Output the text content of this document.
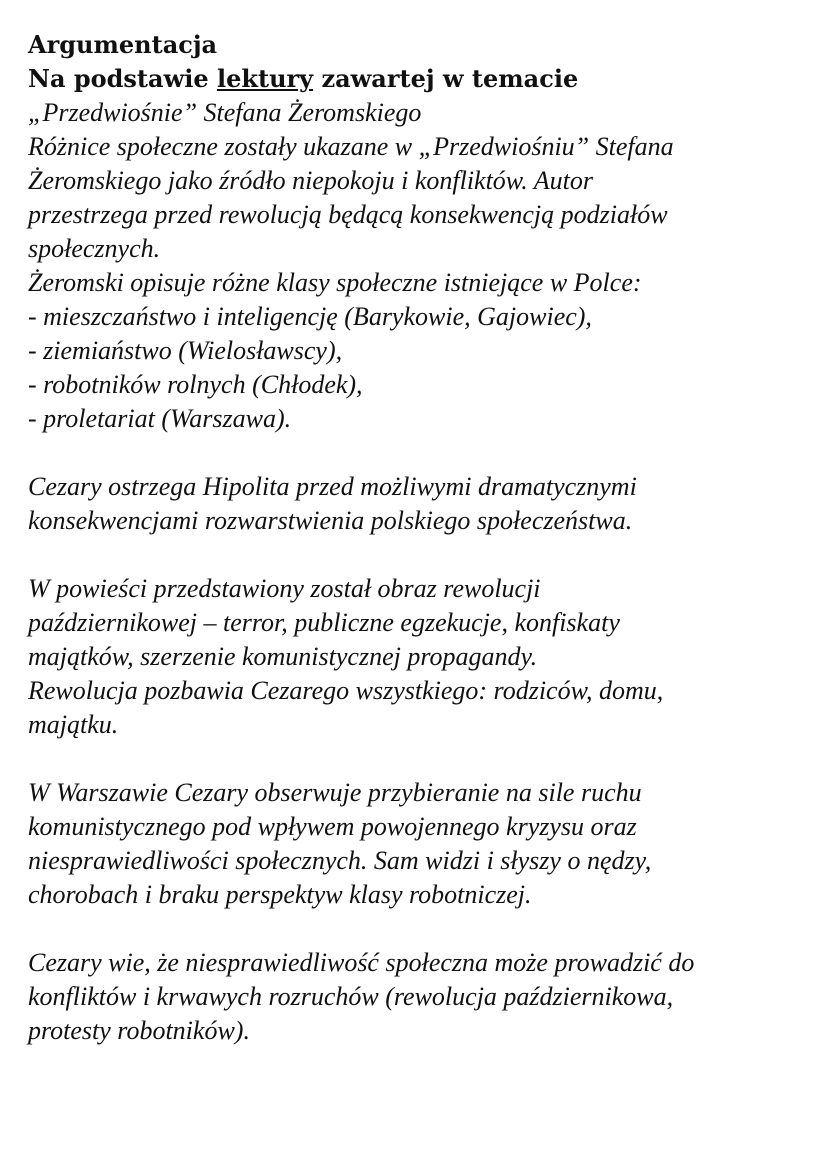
Argumentacja
Na podstawie lektury zawartej w temacie
„Przedwiośnie” Stefana Żeromskiego
Różnice społeczne zostały ukazane w „Przedwiośniu” Stefana
Żeromskiego jako źródło niepokoju i konfliktów. Autor
przestrzega przed rewolucją będącą konsekwencją podziałów
społecznych.
Żeromski opisuje różne klasy społeczne istniejące w Polce:
- mieszczaństwo i inteligencję (Barykowie, Gajowiec),
- ziemiaństwo (Wielosławscy),
- robotników rolnych (Chłodek),
- proletariat (Warszawa).
Cezary ostrzega Hipolita przed możliwymi dramatycznymi
konsekwencjami rozwarstwienia polskiego społeczeństwa.
W powieści przedstawiony został obraz rewolucji
październikowej – terror, publiczne egzekucje, konfiskaty
majątków, szerzenie komunistycznej propagandy.
Rewolucja pozbawia Cezarego wszystkiego: rodziców, domu,
majątku.
W Warszawie Cezary obserwuje przybieranie na sile ruchu
komunistycznego pod wpływem powojennego kryzysu oraz
niesprawiedliwości społecznych. Sam widzi i słyszy o nędzy,
chorobach i braku perspektyw klasy robotniczej.
Cezary wie, że niesprawiedliwość społeczna może prowadzić do
konfliktów i krwawych rozruchów (rewolucja październikowa,
protesty robotników).
